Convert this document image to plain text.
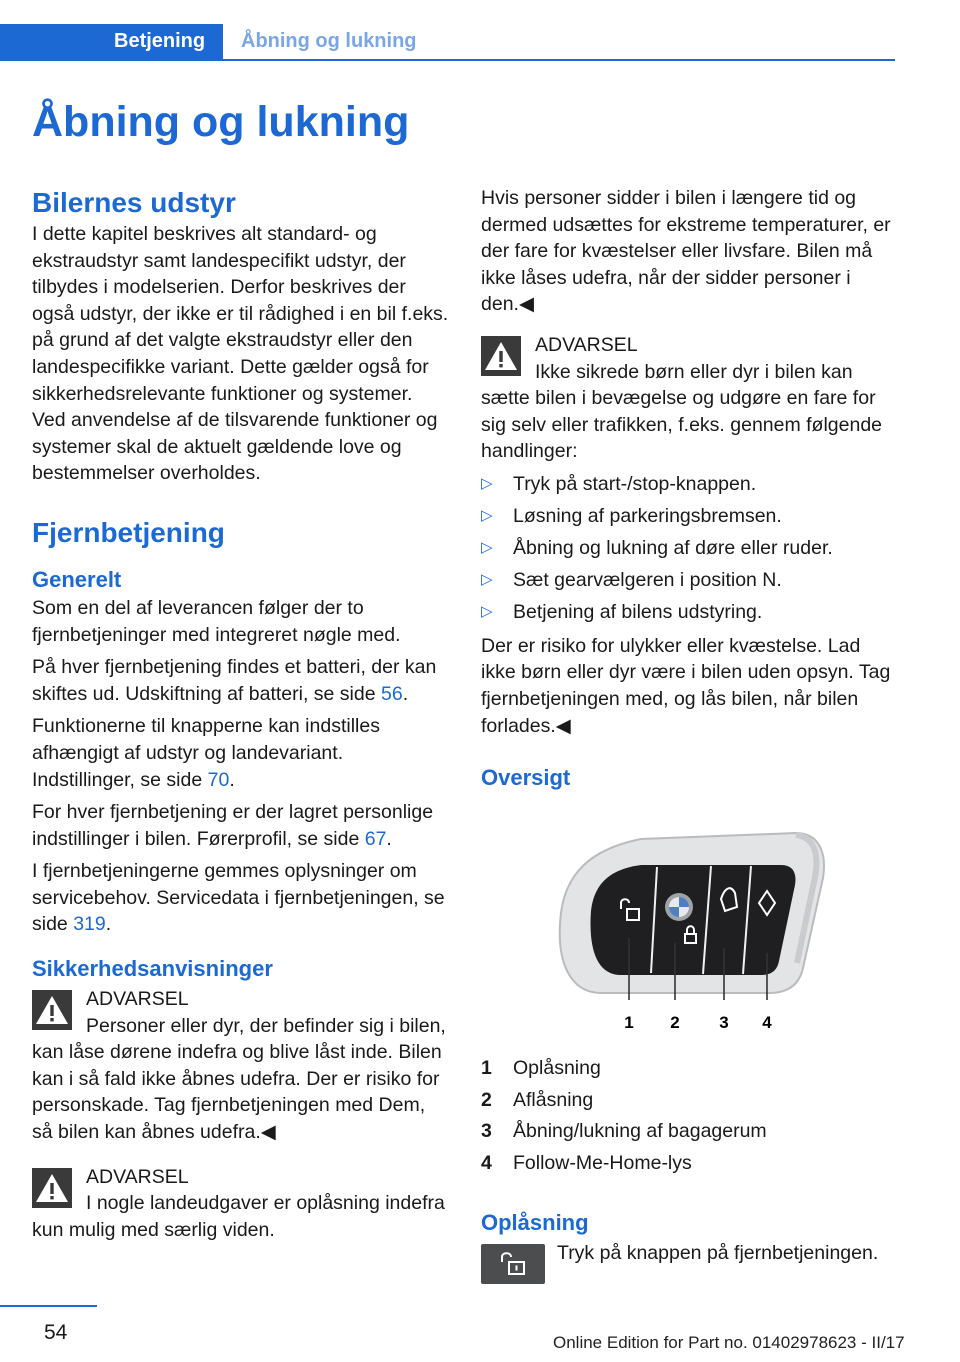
Betjening	Åbning og lukning
Åbning og lukning
Bilernes udstyr
I dette kapitel beskrives alt standard- og ekstraudstyr samt landespecifikt udstyr, der tilbydes i modelserien. Derfor beskrives der også udstyr, der ikke er til rådighed i en bil f.eks. på grund af det valgte ekstraudstyr eller den landespecifikke variant. Dette gælder også for sikkerhedsrelevante funktioner og systemer. Ved anvendelse af de tilsvarende funktioner og systemer skal de aktuelt gældende love og bestemmelser overholdes.
Fjernbetjening
Generelt
Som en del af leverancen følger der to fjernbetjeninger med integreret nøgle med.
På hver fjernbetjening findes et batteri, der kan skiftes ud. Udskiftning af batteri, se side 56.
Funktionerne til knapperne kan indstilles afhængigt af udstyr og landevariant. Indstillinger, se side 70.
For hver fjernbetjening er der lagret personlige indstillinger i bilen. Førerprofil, se side 67.
I fjernbetjeningerne gemmes oplysninger om servicebehov. Servicedata i fjernbetjeningen, se side 319.
Sikkerhedsanvisninger
ADVARSEL
Personer eller dyr, der befinder sig i bilen, kan låse dørene indefra og blive låst inde. Bilen kan i så fald ikke åbnes udefra. Der er risiko for personskade. Tag fjernbetjeningen med Dem, så bilen kan åbnes udefra.◀
ADVARSEL
I nogle landeudgaver er oplåsning indefra kun mulig med særlig viden.
Hvis personer sidder i bilen i længere tid og dermed udsættes for ekstreme temperaturer, er der fare for kvæstelser eller livsfare. Bilen må ikke låses udefra, når der sidder personer i den.◀
ADVARSEL
Ikke sikrede børn eller dyr i bilen kan sætte bilen i bevægelse og udgøre en fare for sig selv eller trafikken, f.eks. gennem følgende handlinger:
▷ Tryk på start-/stop-knappen.
▷ Løsning af parkeringsbremsen.
▷ Åbning og lukning af døre eller ruder.
▷ Sæt gearvælgeren i position N.
▷ Betjening af bilens udstyring.
Der er risiko for ulykker eller kvæstelse. Lad ikke børn eller dyr være i bilen uden opsyn. Tag fjernbetjeningen med, og lås bilen, når bilen forlades.◀
Oversigt
1 2 3 4
1	Oplåsning
2	Aflåsning
3	Åbning/lukning af bagagerum
4	Follow-Me-Home-lys
Oplåsning
Tryk på knappen på fjernbetjeningen.
54	Online Edition for Part no. 01402978623 - II/17
